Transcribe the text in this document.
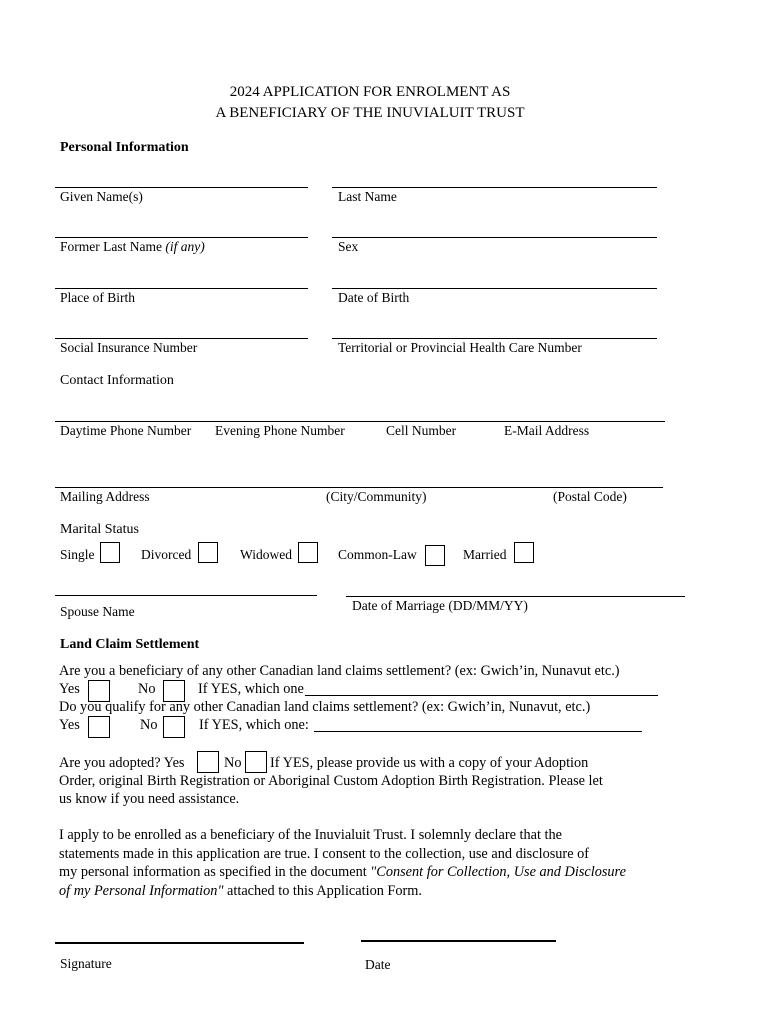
2024 APPLICATION FOR ENROLMENT AS
A BENEFICIARY OF THE INUVIALUIT TRUST
Personal Information
Given Name(s)	Last Name
Former Last Name (if any)	Sex
Place of Birth	Date of Birth
Social Insurance Number	Territorial or Provincial Health Care Number
Contact Information
Daytime Phone Number Evening Phone Number	Cell Number	E-Mail Address
Mailing Address	(City/Community)	(Postal Code)
Marital Status
Single	Divorced	Widowed	Common-Law	Married
Spouse Name	Date of Marriage (DD/MM/YY)
Land Claim Settlement
Are you a beneficiary of any other Canadian land claims settlement? (ex: Gwich’in, Nunavut etc.)
Yes	No	If YES, which one
Do you qualify for any other Canadian land claims settlement? (ex: Gwich’in, Nunavut, etc.)
Yes	No	If YES, which one:
Are you adopted? Yes	No If YES, please provide us with a copy of your Adoption
Order, original Birth Registration or Aboriginal Custom Adoption Birth Registration. Please let
us know if you need assistance.
I apply to be enrolled as a beneficiary of the Inuvialuit Trust. I solemnly declare that the
statements made in this application are true. I consent to the collection, use and disclosure of
my personal information as specified in the document "Consent for Collection, Use and Disclosure
of my Personal Information" attached to this Application Form.
Signature	Date
